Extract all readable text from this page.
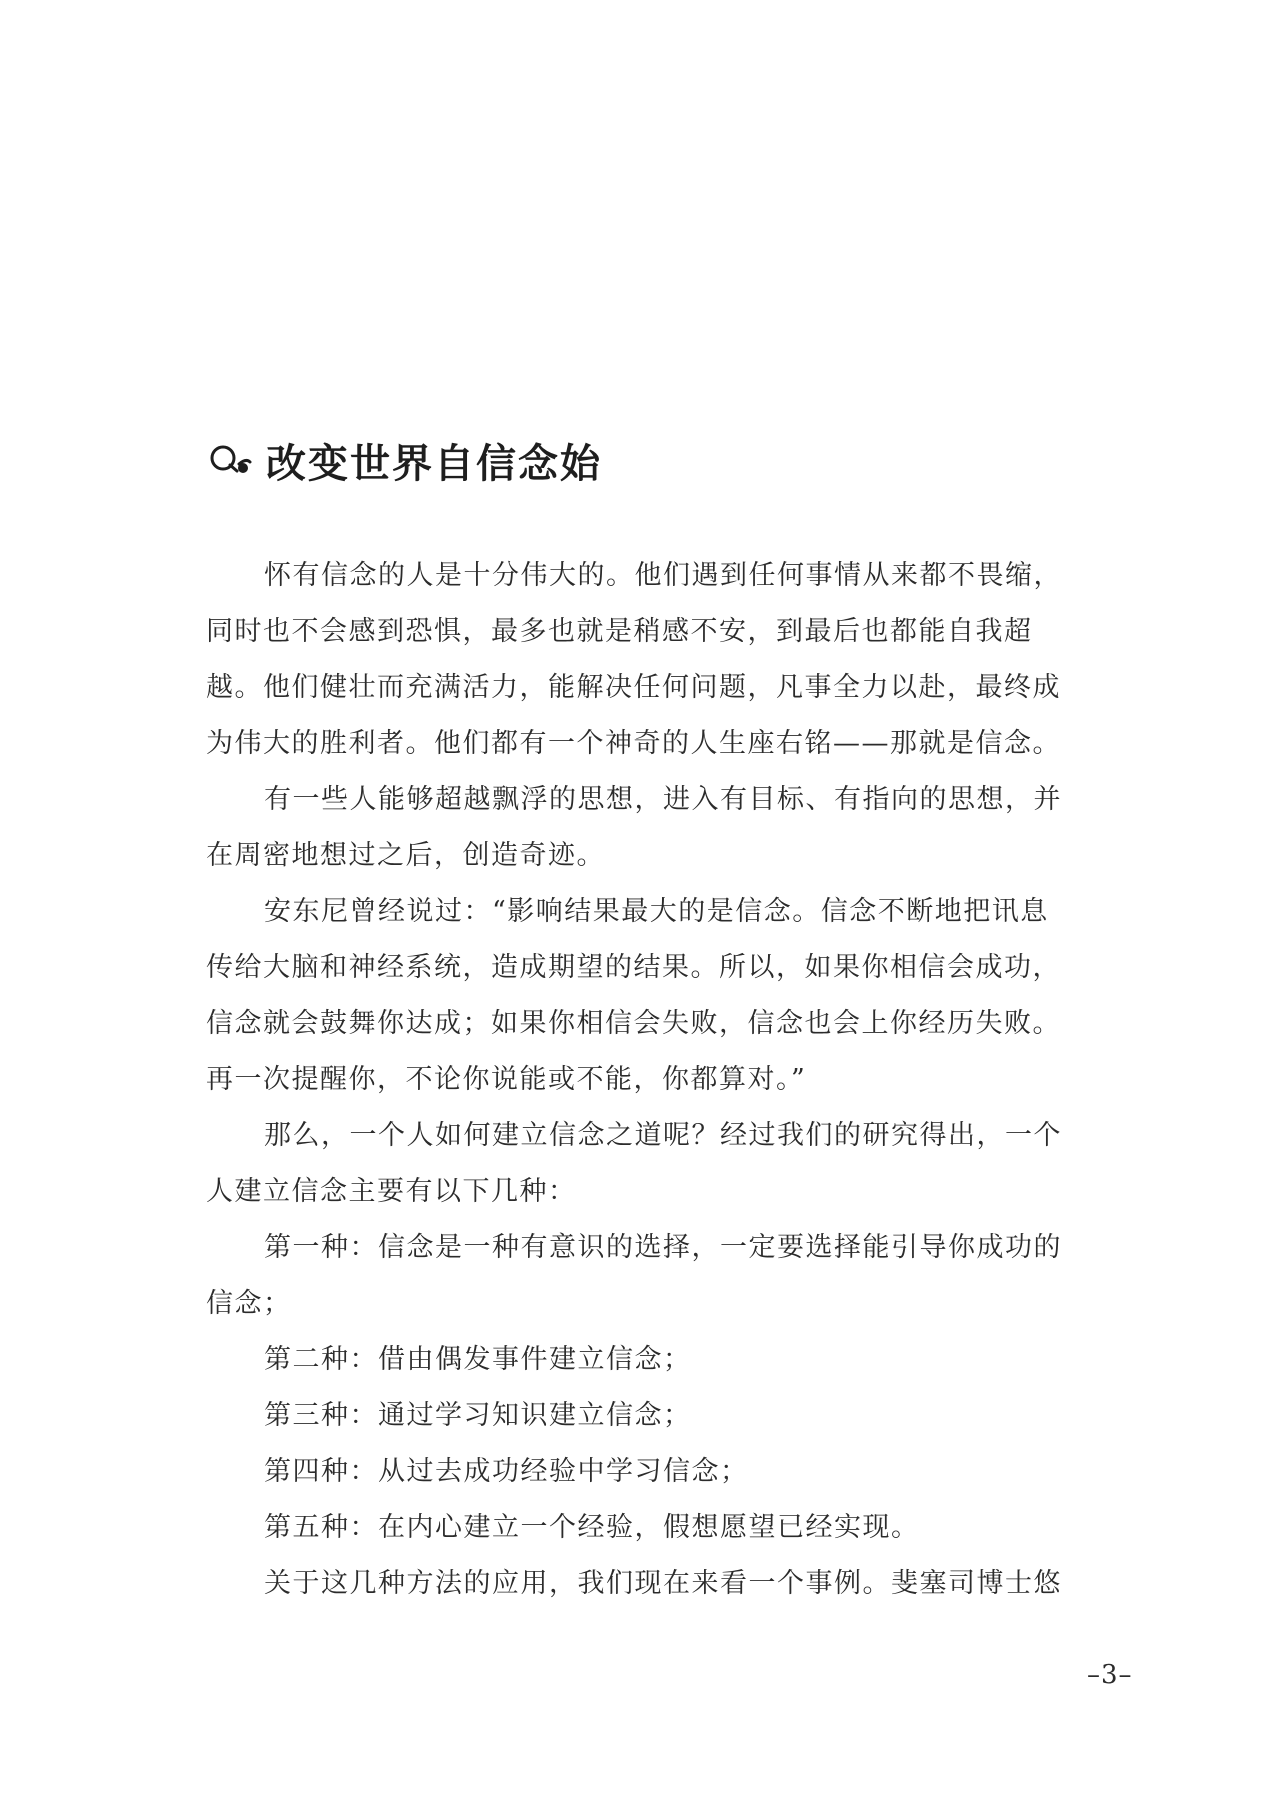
改变世界自信念始
怀有信念的人是十分伟大的。他们遇到任何事情从来都不畏缩，
同时也不会感到恐惧，最多也就是稍感不安，到最后也都能自我超
越。他们健壮而充满活力，能解决任何问题，凡事全力以赴，最终成
为伟大的胜利者。他们都有一个神奇的人生座右铭——那就是信念。
有一些人能够超越飘浮的思想，进入有目标、有指向的思想，并
在周密地想过之后，创造奇迹。
安东尼曾经说过：“影响结果最大的是信念。信念不断地把讯息
传给大脑和神经系统，造成期望的结果。所以，如果你相信会成功，
信念就会鼓舞你达成；如果你相信会失败，信念也会上你经历失败。
再一次提醒你，不论你说能或不能，你都算对。”
那么，一个人如何建立信念之道呢？经过我们的研究得出，一个
人建立信念主要有以下几种：
第一种：信念是一种有意识的选择，一定要选择能引导你成功的
信念；
第二种：借由偶发事件建立信念；
第三种：通过学习知识建立信念；
第四种：从过去成功经验中学习信念；
第五种：在内心建立一个经验，假想愿望已经实现。
关于这几种方法的应用，我们现在来看一个事例。斐塞司博士悠
–3–
